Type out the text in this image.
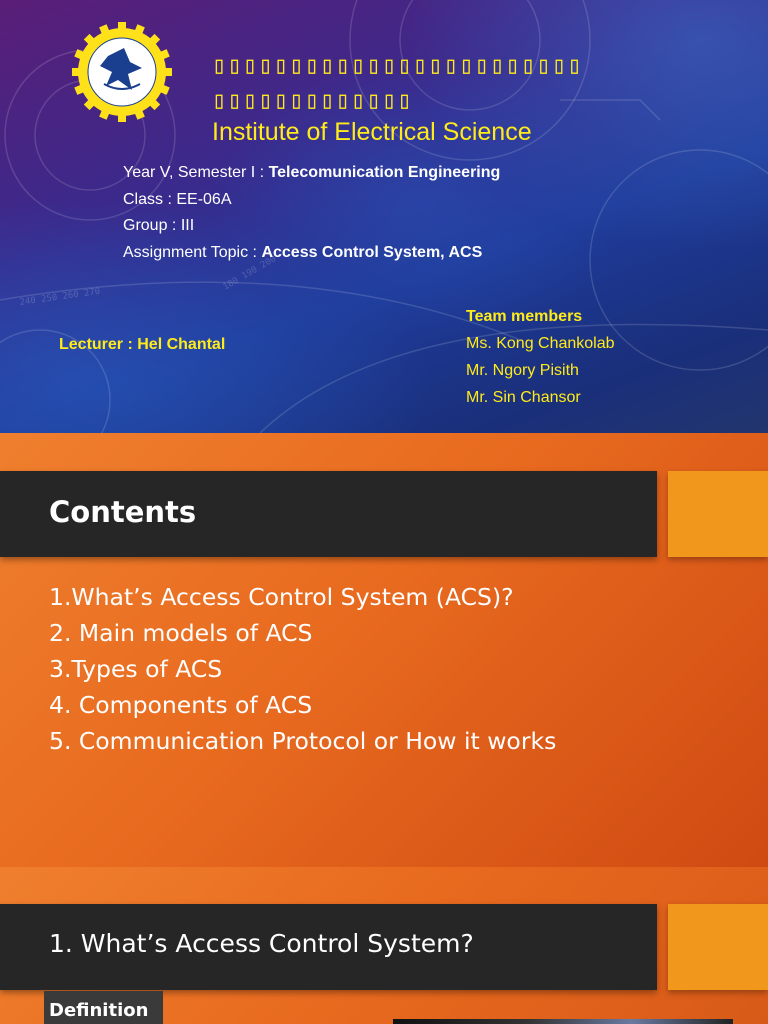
240 250 260 270
180 190 200
▯▯▯▯▯▯▯▯▯▯▯▯▯▯▯▯▯▯▯▯▯▯▯▯▯▯▯▯▯▯▯▯▯▯▯▯▯
Institute of Electrical Science
Year V, Semester I : Telecomunication Engineering
Class : EE-06A
Group : III
Assignment Topic : Access Control System, ACS
Lecturer : Hel Chantal
Team members
Ms. Kong Chankolab
Mr. Ngory Pisith
Mr. Sin Chansor
Contents
1.What’s Access Control System (ACS)?
2. Main models of ACS
3.Types of ACS
4. Components of ACS
5. Communication Protocol or How it works
1. What’s Access Control System?
Definition
